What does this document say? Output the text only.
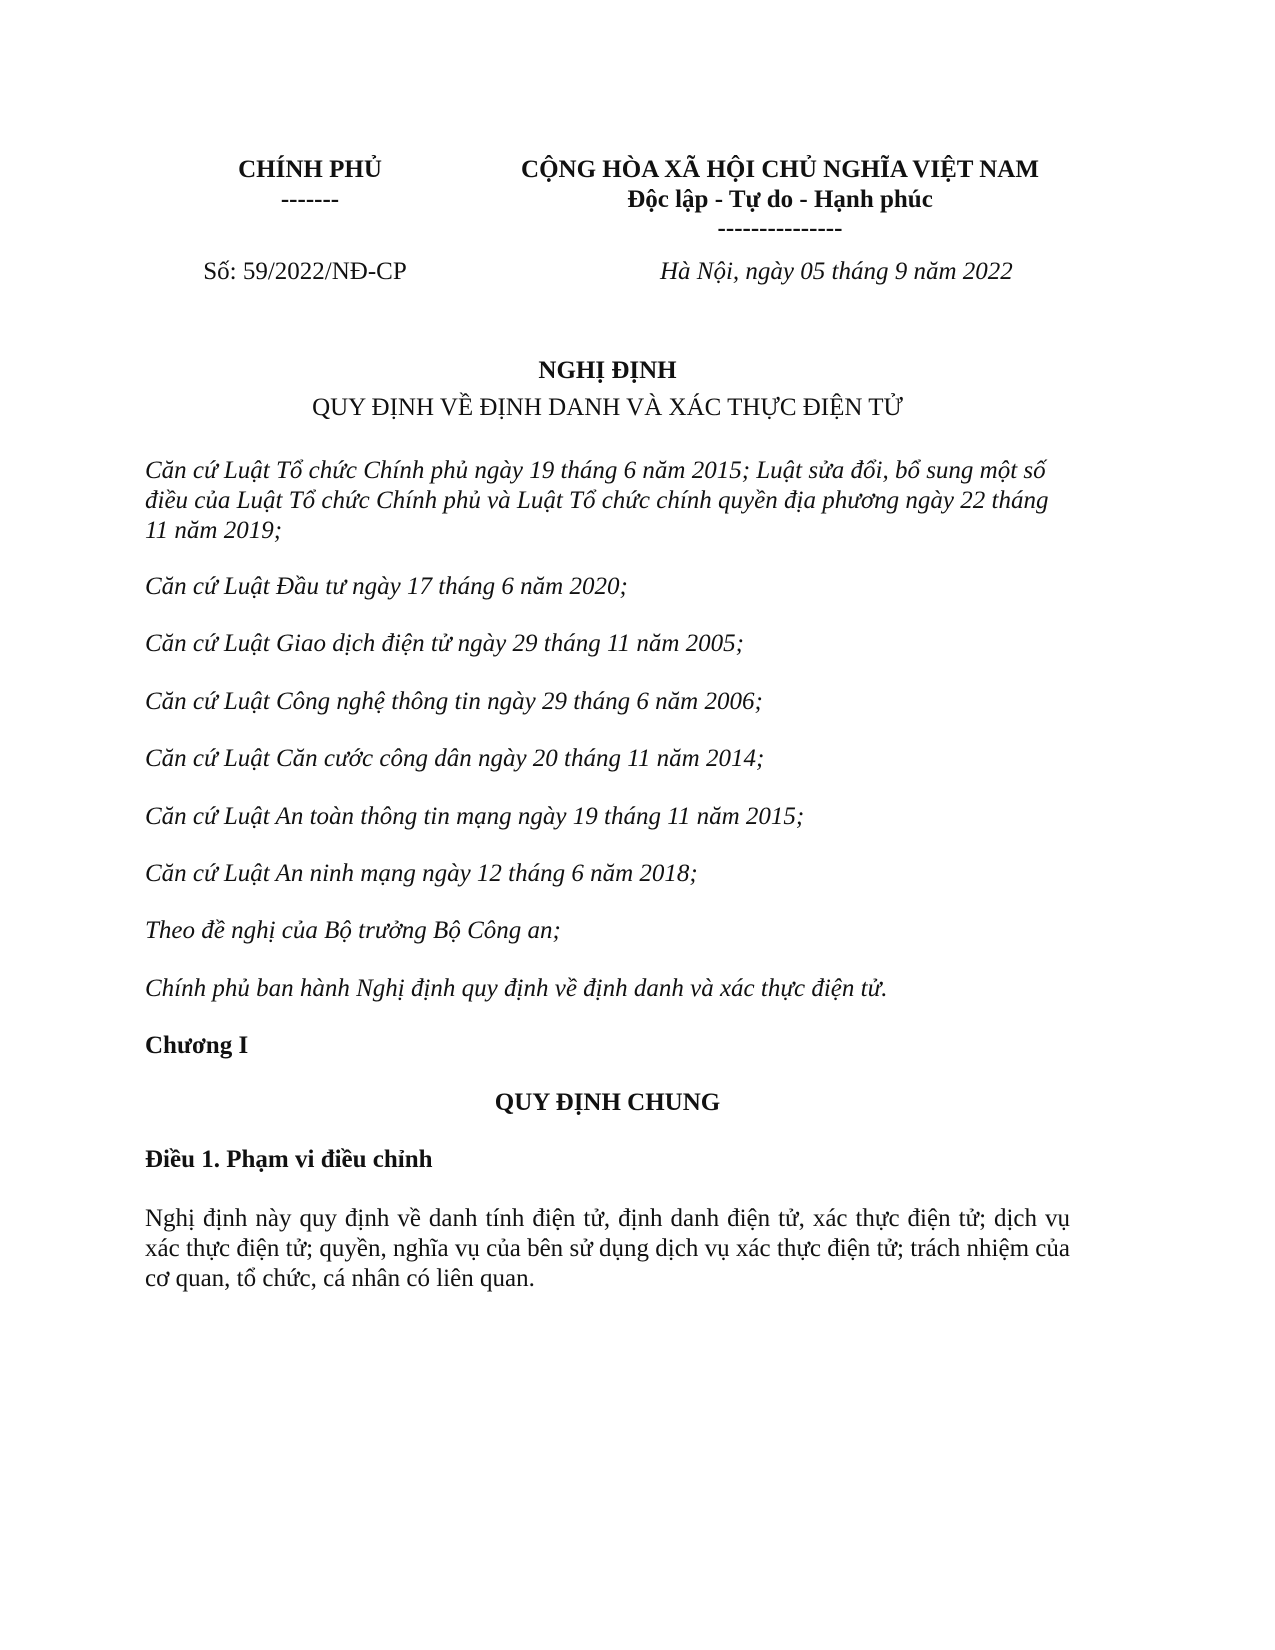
CHÍNH PHỦ
-------
CỘNG HÒA XÃ HỘI CHỦ NGHĨA VIỆT NAM
Độc lập - Tự do - Hạnh phúc
---------------
Số: 59/2022/NĐ-CP	Hà Nội, ngày 05 tháng 9 năm 2022
NGHỊ ĐỊNH
QUY ĐỊNH VỀ ĐỊNH DANH VÀ XÁC THỰC ĐIỆN TỬ
Căn cứ Luật Tổ chức Chính phủ ngày 19 tháng 6 năm 2015; Luật sửa đổi, bổ sung một số điều của Luật Tổ chức Chính phủ và Luật Tổ chức chính quyền địa phương ngày 22 tháng 11 năm 2019;
Căn cứ Luật Đầu tư ngày 17 tháng 6 năm 2020;
Căn cứ Luật Giao dịch điện tử ngày 29 tháng 11 năm 2005;
Căn cứ Luật Công nghệ thông tin ngày 29 tháng 6 năm 2006;
Căn cứ Luật Căn cước công dân ngày 20 tháng 11 năm 2014;
Căn cứ Luật An toàn thông tin mạng ngày 19 tháng 11 năm 2015;
Căn cứ Luật An ninh mạng ngày 12 tháng 6 năm 2018;
Theo đề nghị của Bộ trưởng Bộ Công an;
Chính phủ ban hành Nghị định quy định về định danh và xác thực điện tử.
Chương I
QUY ĐỊNH CHUNG
Điều 1. Phạm vi điều chỉnh
Nghị định này quy định về danh tính điện tử, định danh điện tử, xác thực điện tử; dịch vụ xác thực điện tử; quyền, nghĩa vụ của bên sử dụng dịch vụ xác thực điện tử; trách nhiệm của cơ quan, tổ chức, cá nhân có liên quan.
